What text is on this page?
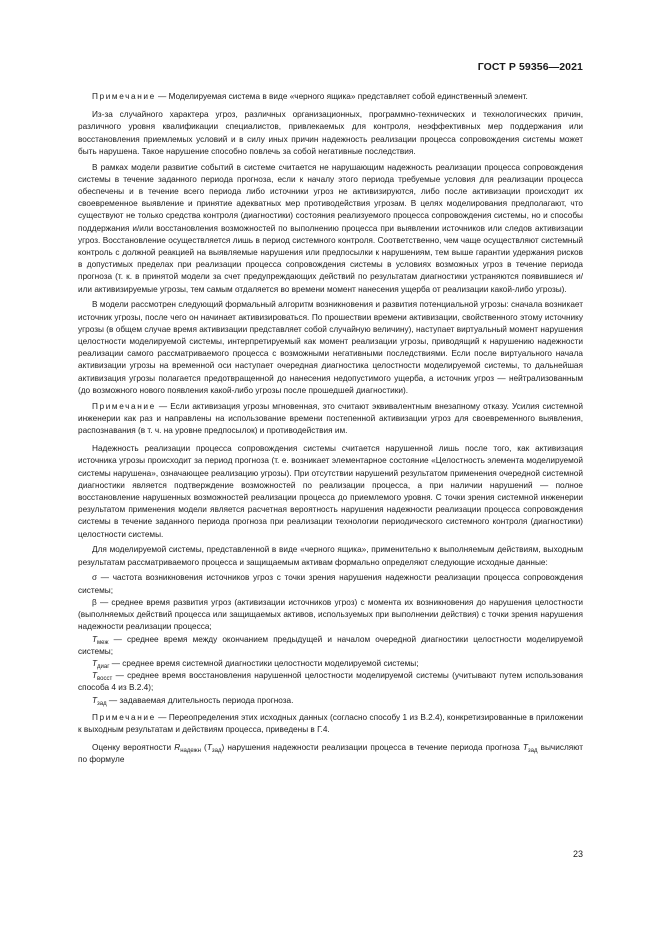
ГОСТ Р 59356—2021

Примечание — Моделируемая система в виде «черного ящика» представляет собой единственный элемент.

Из-за случайного характера угроз, различных организационных, программно-технических и технологических причин, различного уровня квалификации специалистов, привлекаемых для контроля, неэффективных мер поддержания или восстановления приемлемых условий и в силу иных причин надежность реализации процесса сопровождения системы может быть нарушена. Такое нарушение способно повлечь за собой негативные последствия.

В рамках модели развитие событий в системе считается не нарушающим надежность реализации процесса сопровождения системы в течение заданного периода прогноза, если к началу этого периода требуемые условия для реализации процесса обеспечены и в течение всего периода либо источники угроз не активизируются, либо после активизации происходит их своевременное выявление и принятие адекватных мер противодействия угрозам. В целях моделирования предполагают, что существуют не только средства контроля (диагностики) состояния реализуемого процесса сопровождения системы, но и способы поддержания и/или восстановления возможностей по выполнению процесса при выявлении источников или следов активизации угроз. Восстановление осуществляется лишь в период системного контроля. Соответственно, чем чаще осуществляют системный контроль с должной реакцией на выявляемые нарушения или предпосылки к нарушениям, тем выше гарантии удержания рисков в допустимых пределах при реализации процесса сопровождения системы в условиях возможных угроз в течение периода прогноза (т. к. в принятой модели за счет предупреждающих действий по результатам диагностики устраняются появившиеся и/или активизируемые угрозы, тем самым отдаляется во времени момент нанесения ущерба от реализации какой-либо угрозы).

В модели рассмотрен следующий формальный алгоритм возникновения и развития потенциальной угрозы: сначала возникает источник угрозы, после чего он начинает активизироваться. По прошествии времени активизации, свойственного этому источнику угрозы (в общем случае время активизации представляет собой случайную величину), наступает виртуальный момент нарушения целостности моделируемой системы, интерпретируемый как момент реализации угрозы, приводящий к нарушению надежности реализации самого рассматриваемого процесса с возможными негативными последствиями. Если после виртуального начала активизации угрозы на временной оси наступает очередная диагностика целостности моделируемой системы, то дальнейшая активизация угрозы полагается предотвращенной до нанесения недопустимого ущерба, а источник угроз — нейтрализованным (до возможного нового появления какой-либо угрозы после прошедшей диагностики).

Примечание — Если активизация угрозы мгновенная, это считают эквивалентным внезапному отказу. Усилия системной инженерии как раз и направлены на использование времени постепенной активизации угроз для своевременного выявления, распознавания (в т. ч. на уровне предпосылок) и противодействия им.

Надежность реализации процесса сопровождения системы считается нарушенной лишь после того, как активизация источника угрозы происходит за период прогноза (т. е. возникает элементарное состояние «Целостность элемента моделируемой системы нарушена», означающее реализацию угрозы). При отсутствии нарушений результатом применения очередной системной диагностики является подтверждение возможностей по реализации процесса, а при наличии нарушений — полное восстановление нарушенных возможностей реализации процесса до приемлемого уровня. С точки зрения системной инженерии результатом применения модели является расчетная вероятность нарушения надежности реализации процесса сопровождения системы в течение заданного периода прогноза при реализации технологии периодического системного контроля (диагностики) целостности системы.

Для моделируемой системы, представленной в виде «черного ящика», применительно к выполняемым действиям, выходным результатам рассматриваемого процесса и защищаемым активам формально определяют следующие исходные данные:

σ — частота возникновения источников угроз с точки зрения нарушения надежности реализации процесса сопровождения системы;

β — среднее время развития угроз (активизации источников угроз) с момента их возникновения до нарушения целостности (выполняемых действий процесса или защищаемых активов, используемых при выполнении действия) с точки зрения нарушения надежности реализации процесса;

$T_{меж}$ — среднее время между окончанием предыдущей и началом очередной диагностики целостности моделируемой системы;

$T_{диаг}$ — среднее время системной диагностики целостности моделируемой системы;

$T_{восст}$ — среднее время восстановления нарушенной целостности моделируемой системы (учитывают путем использования способа 4 из В.2.4);

$T_{зад}$ — задаваемая длительность периода прогноза.

Примечание — Переопределения этих исходных данных (согласно способу 1 из В.2.4), конкретизированные в приложении к выходным результатам и действиям процесса, приведены в Г.4.

Оценку вероятности $R_{надежн}$ $(T_{зад})$ нарушения надежности реализации процесса в течение периода прогноза $T_{зад}$ вычисляют по формуле

23
